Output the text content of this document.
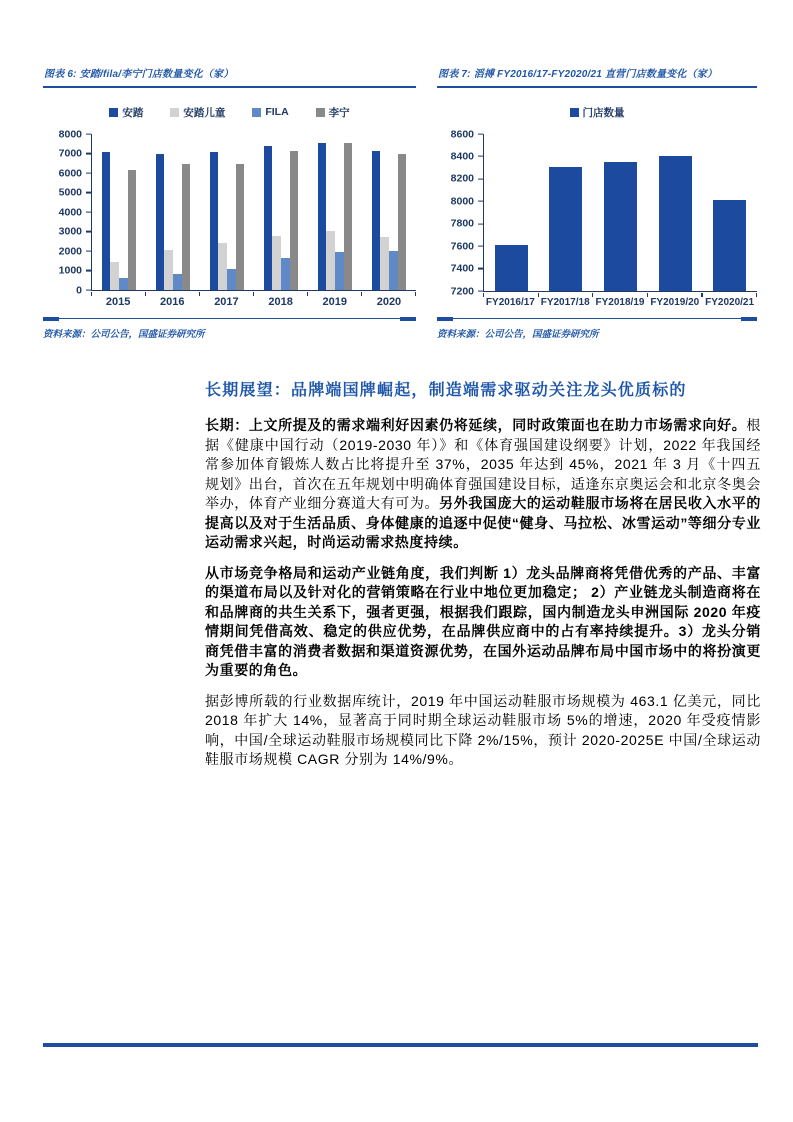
图表 6: 安踏/fila/李宁门店数量变化（家）
安踏	安踏儿童	FILA	李宁
0
1000
2000
3000
4000
5000
6000
7000
8000
2015	2016	2017	2018	2019	2020
资料来源：公司公告，国盛证券研究所
图表 7: 滔搏 FY2016/17-FY2020/21 直营门店数量变化（家）
门店数量
7200
7400
7600
7800
8000
8200
8400
8600
FY2016/17 FY2017/18 FY2018/19 FY2019/20 FY2020/21
资料来源：公司公告，国盛证券研究所
长期展望：品牌端国牌崛起，制造端需求驱动关注龙头优质标的

长期：上文所提及的需求端利好因素仍将延续，同时政策面也在助力市场需求向好。根据《健康中国行动（2019-2030 年）》和《体育强国建设纲要》计划，2022 年我国经常参加体育锻炼人数占比将提升至 37%，2035 年达到 45%，2021 年 3 月《十四五规划》出台，首次在五年规划中明确体育强国建设目标，适逢东京奥运会和北京冬奥会举办，体育产业细分赛道大有可为。另外我国庞大的运动鞋服市场将在居民收入水平的提高以及对于生活品质、身体健康的追逐中促使“健身、马拉松、冰雪运动”等细分专业运动需求兴起，时尚运动需求热度持续。

从市场竞争格局和运动产业链角度，我们判断 1）龙头品牌商将凭借优秀的产品、丰富的渠道布局以及针对化的营销策略在行业中地位更加稳定； 2）产业链龙头制造商将在和品牌商的共生关系下，强者更强，根据我们跟踪，国内制造龙头申洲国际 2020 年疫情期间凭借高效、稳定的供应优势，在品牌供应商中的占有率持续提升。3）龙头分销商凭借丰富的消费者数据和渠道资源优势，在国外运动品牌布局中国市场中的将扮演更为重要的角色。

据彭博所载的行业数据库统计，2019 年中国运动鞋服市场规模为 463.1 亿美元，同比 2018 年扩大 14%，显著高于同时期全球运动鞋服市场 5%的增速，2020 年受疫情影响，中国/全球运动鞋服市场规模同比下降 2%/15%，预计 2020-2025E 中国/全球运动鞋服市场规模 CAGR 分别为 14%/9%。
